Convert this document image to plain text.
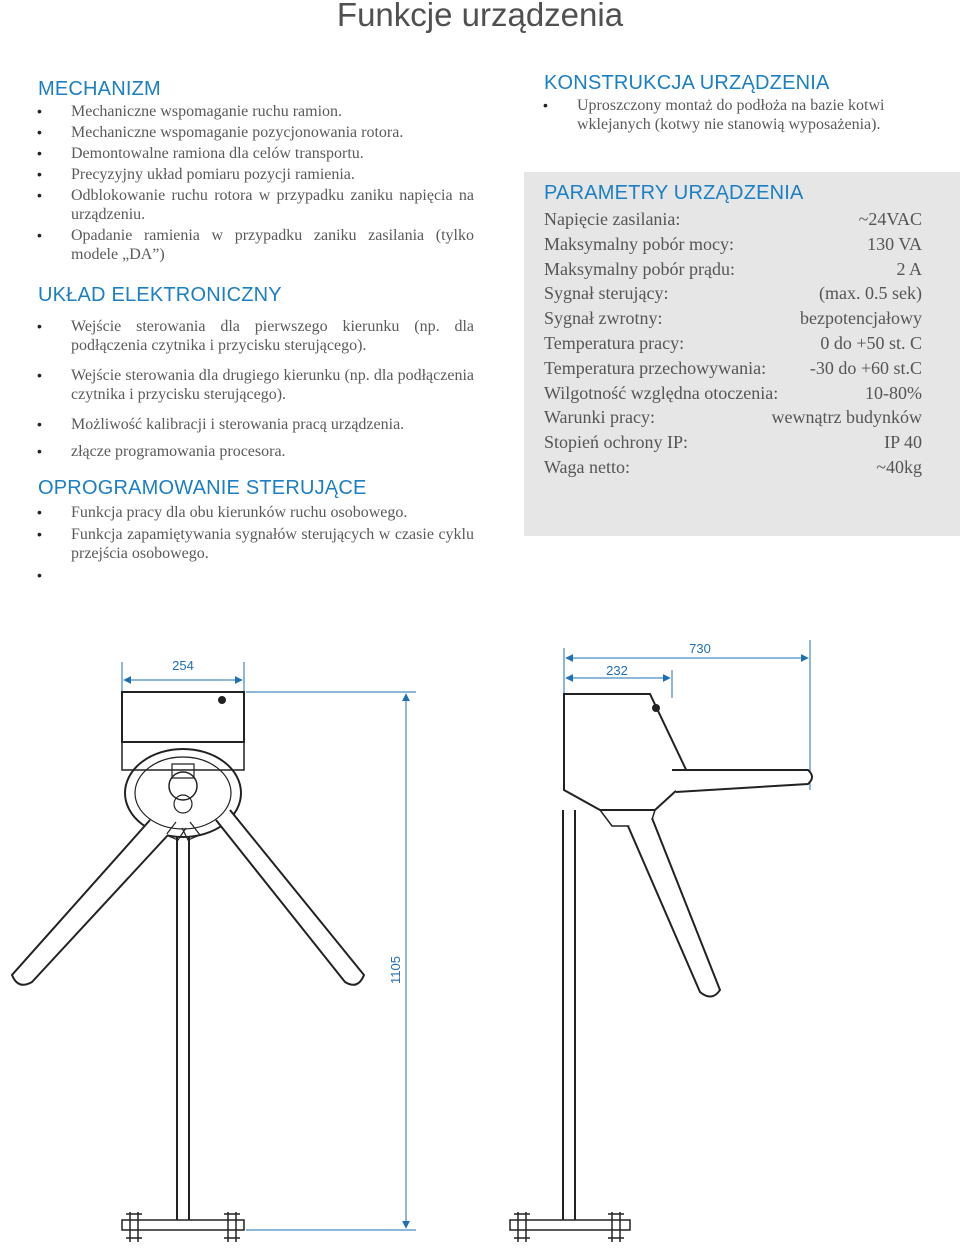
Funkcje urządzenia
MECHANIZM
• Mechaniczne wspomaganie ruchu ramion.
• Mechaniczne wspomaganie pozycjonowania rotora.
• Demontowalne ramiona dla celów transportu.
• Precyzyjny układ pomiaru pozycji ramienia.
• Odblokowanie ruchu rotora w przypadku zaniku napięcia na urządzeniu.
• Opadanie ramienia w przypadku zaniku zasilania (tylko modele „DA”)
UKŁAD ELEKTRONICZNY
• Wejście sterowania dla pierwszego kierunku (np. dla podłączenia czytnika i przycisku sterującego).
• Wejście sterowania dla drugiego kierunku (np. dla podłączenia czytnika i przycisku sterującego).
• Możliwość kalibracji i sterowania pracą urządzenia.
• złącze programowania procesora.
OPROGRAMOWANIE STERUJĄCE
• Funkcja pracy dla obu kierunków ruchu osobowego.
• Funkcja zapamiętywania sygnałów sterujących w czasie cyklu przejścia osobowego.
•
KONSTRUKCJA URZĄDZENIA
• Uproszczony montaż do podłoża na bazie kotwi wklejanych (kotwy nie stanowią wyposażenia).
PARAMETRY URZĄDZENIA
Napięcie zasilania:	~24VAC
Maksymalny pobór mocy:	130 VA
Maksymalny pobór prądu:	2 A
Sygnał sterujący:	(max. 0.5 sek)
Sygnał zwrotny:	bezpotencjałowy
Temperatura pracy:	0 do +50 st. C
Temperatura przechowywania: -30 do +60 st.C
Wilgotność względna otoczenia:	10-80%
Warunki pracy:	wewnątrz budynków
Stopień ochrony IP:	IP 40
Waga netto:	~40kg
254
1105
730
232
